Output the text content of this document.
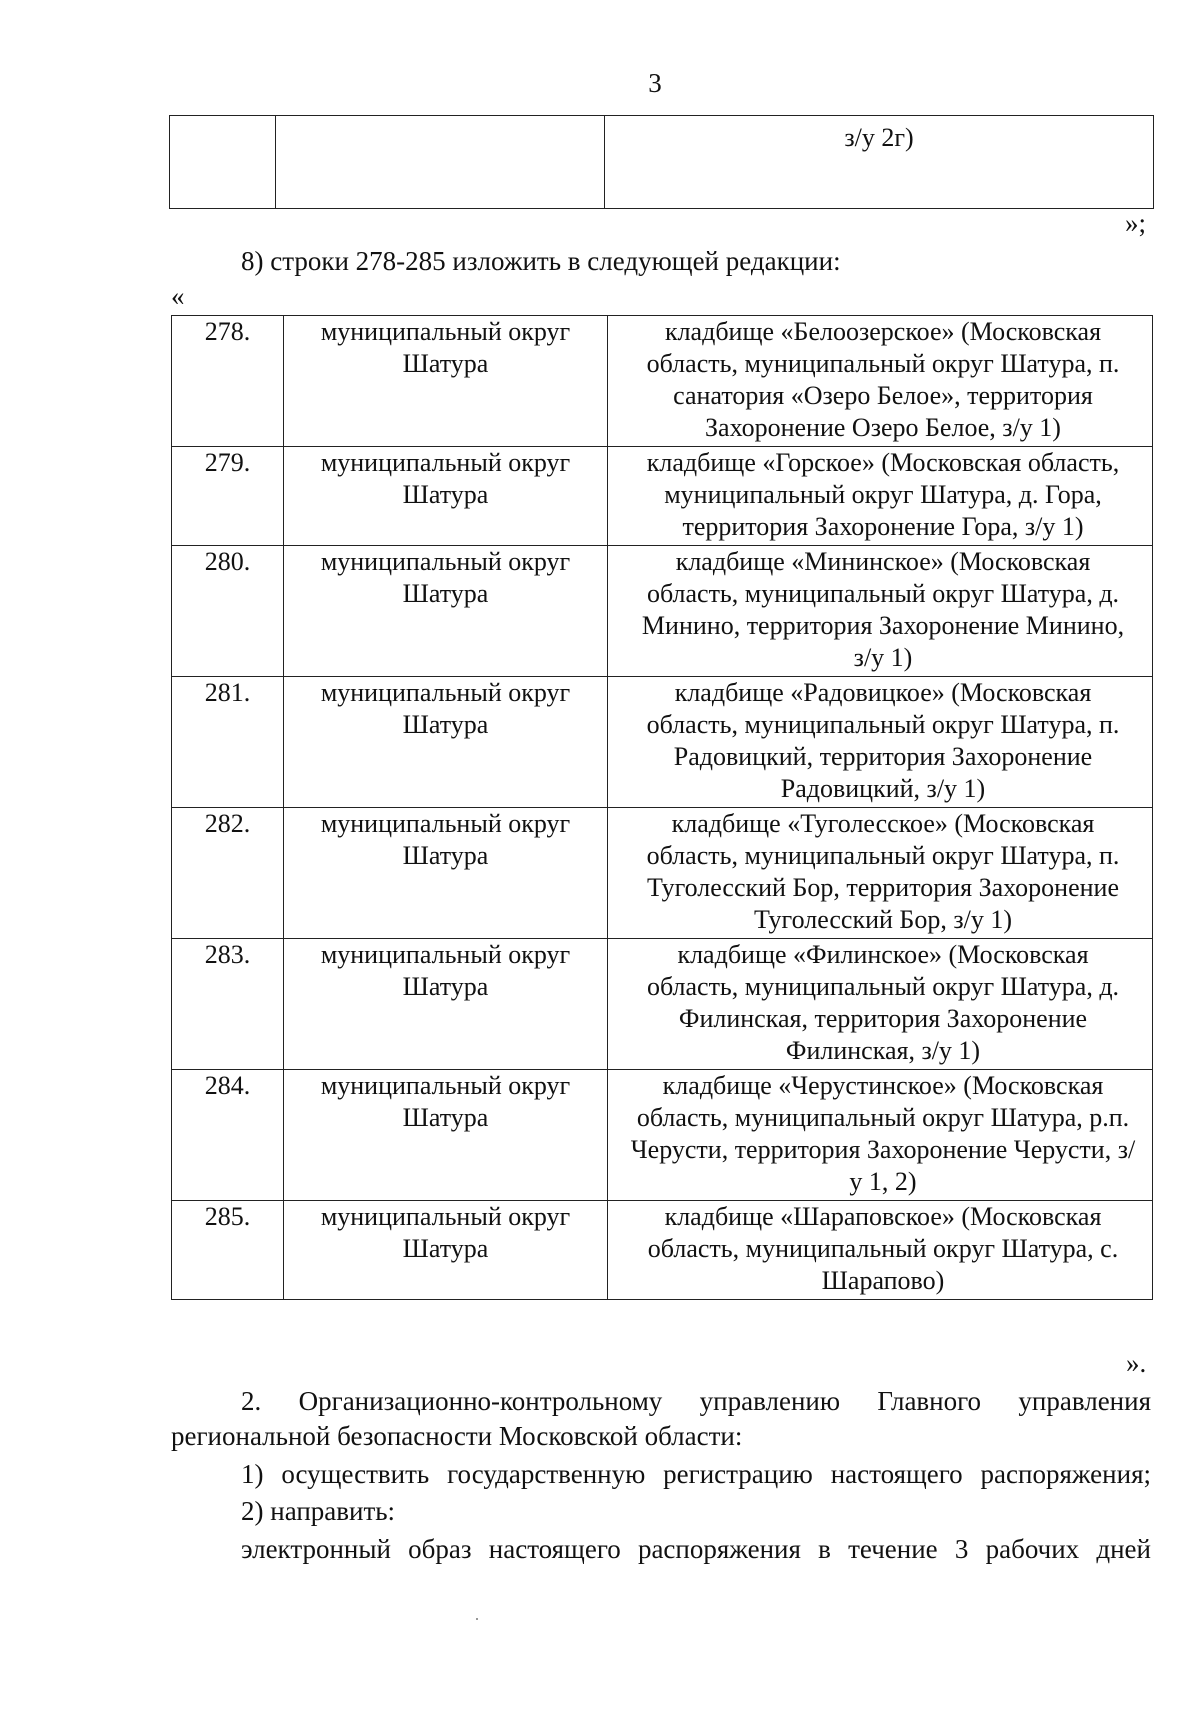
3
		з/у 2г)
»;

8) строки 278-285 изложить в следующей редакции:

«
278.	муниципальный округ Шатура	кладбище «Белоозерское» (Московская область, муниципальный округ Шатура, п. санатория «Озеро Белое», территория Захоронение Озеро Белое, з/у 1)
279.	муниципальный округ Шатура	кладбище «Горское» (Московская область, муниципальный округ Шатура, д. Гора, территория Захоронение Гора, з/у 1)
280.	муниципальный округ Шатура	кладбище «Мининское» (Московская область, муниципальный округ Шатура, д. Минино, территория Захоронение Минино, з/у 1)
281.	муниципальный округ Шатура	кладбище «Радовицкое» (Московская область, муниципальный округ Шатура, п. Радовицкий, территория Захоронение Радовицкий, з/у 1)
282.	муниципальный округ Шатура	кладбище «Туголесское» (Московская область, муниципальный округ Шатура, п. Туголесский Бор, территория Захоронение Туголесский Бор, з/у 1)
283.	муниципальный округ Шатура	кладбище «Филинское» (Московская область, муниципальный округ Шатура, д. Филинская, территория Захоронение Филинская, з/у 1)
284.	муниципальный округ Шатура	кладбище «Черустинское» (Московская область, муниципальный округ Шатура, р.п. Черусти, территория Захоронение Черусти, з/у 1, 2)
285.	муниципальный округ Шатура	кладбище «Шараповское» (Московская область, муниципальный округ Шатура, с. Шарапово)
».

2. Организационно-контрольному управлению Главного управления

региональной безопасности Московской области:

1) осуществить государственную регистрацию настоящего распоряжения;

2) направить:

электронный образ настоящего распоряжения в течение 3 рабочих дней
